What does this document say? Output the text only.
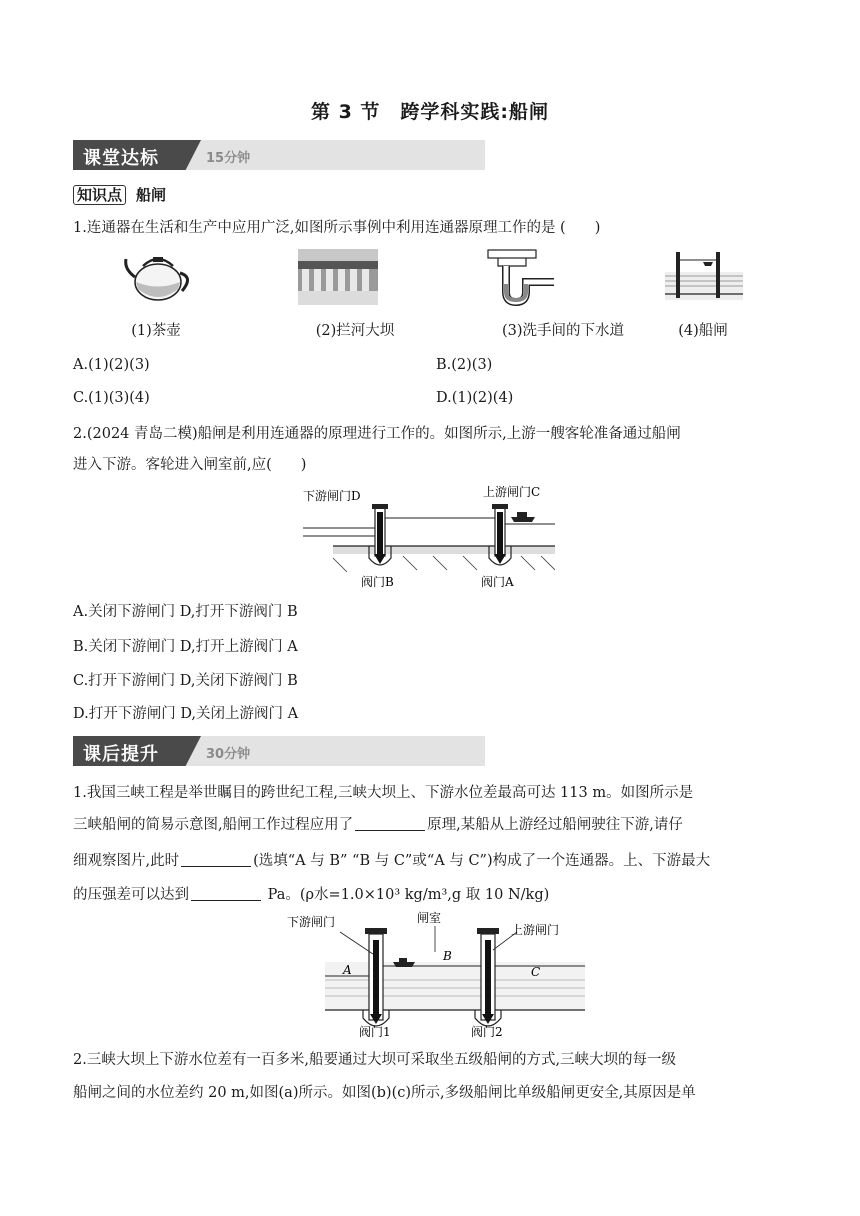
第 3 节　跨学科实践:船闸
课堂达标	15分钟
知识点 船闸
1.连通器在生活和生产中应用广泛,如图所示事例中利用连通器原理工作的是 (　　)
(1)茶壶	(2)拦河大坝	(3)洗手间的下水道	(4)船闸
A.(1)(2)(3)	B.(2)(3)
C.(1)(3)(4)	D.(1)(2)(4)
2.(2024 青岛二模)船闸是利用连通器的原理进行工作的。如图所示,上游一艘客轮准备通过船闸
进入下游。客轮进入闸室前,应(　　)
下游闸门D	上游闸门C
阀门B	阀门A
A.关闭下游闸门 D,打开下游阀门 B
B.关闭下游闸门 D,打开上游阀门 A
C.打开下游闸门 D,关闭下游阀门 B
D.打开下游闸门 D,关闭上游阀门 A
课后提升	30分钟
1.我国三峡工程是举世瞩目的跨世纪工程,三峡大坝上、下游水位差最高可达 113 m。如图所示是
三峡船闸的简易示意图,船闸工作过程应用了	原理,某船从上游经过船闸驶往下游,请仔
细观察图片,此时	(选填“A 与 B” “B 与 C”或“A 与 C”)构成了一个连通器。上、下游最大
的压强差可以达到	Pa。(ρ水=1.0×10³ kg/m³,g 取 10 N/kg)
下游闸门	闸室
上游闸门
A
B
C
阀门1	阀门2
2.三峡大坝上下游水位差有一百多米,船要通过大坝可采取坐五级船闸的方式,三峡大坝的每一级
船闸之间的水位差约 20 m,如图(a)所示。如图(b)(c)所示,多级船闸比单级船闸更安全,其原因是单
